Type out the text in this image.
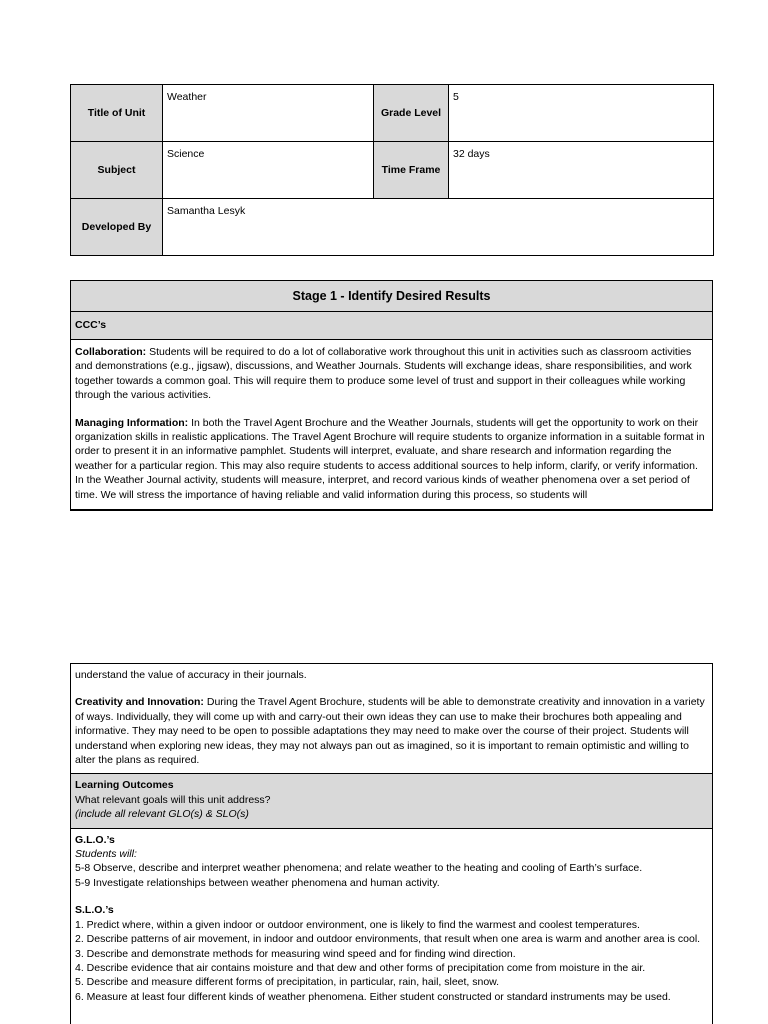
Title of Unit	Weather	Grade Level	5
Subject	Science	Time Frame	32 days
Developed By	Samantha Lesyk		
Stage 1 - Identify Desired Results
CCC’s

Collaboration: Students will be required to do a lot of collaborative work throughout this unit in activities such as classroom activities and demonstrations (e.g., jigsaw), discussions, and Weather Journals. Students will exchange ideas, share responsibilities, and work together towards a common goal. This will require them to produce some level of trust and support in their colleagues while working through the various activities.

Managing Information: In both the Travel Agent Brochure and the Weather Journals, students will get the opportunity to work on their organization skills in realistic applications. The Travel Agent Brochure will require students to organize information in a suitable format in order to present it in an informative pamphlet. Students will interpret, evaluate, and share research and information regarding the weather for a particular region. This may also require students to access additional sources to help inform, clarify, or verify information. In the Weather Journal activity, students will measure, interpret, and record various kinds of weather phenomena over a set period of time. We will stress the importance of having reliable and valid information during this process, so students will

understand the value of accuracy in their journals.

Creativity and Innovation: During the Travel Agent Brochure, students will be able to demonstrate creativity and innovation in a variety of ways. Individually, they will come up with and carry-out their own ideas they can use to make their brochures both appealing and informative. They may need to be open to possible adaptations they may need to make over the course of their project. Students will understand when exploring new ideas, they may not always pan out as imagined, so it is important to remain optimistic and willing to alter the plans as required.

Learning Outcomes
What relevant goals will this unit address?
(include all relevant GLO(s) & SLO(s)
G.L.O.’s
Students will:
5-8 Observe, describe and interpret weather phenomena; and relate weather to the heating and cooling of Earth’s surface.
5-9 Investigate relationships between weather phenomena and human activity.
S.L.O.’s
1. Predict where, within a given indoor or outdoor environment, one is likely to find the warmest and coolest temperatures.
2. Describe patterns of air movement, in indoor and outdoor environments, that result when one area is warm and another area is cool.
3. Describe and demonstrate methods for measuring wind speed and for finding wind direction.
4. Describe evidence that air contains moisture and that dew and other forms of precipitation come from moisture in the air.
5. Describe and measure different forms of precipitation, in particular, rain, hail, sleet, snow.
6. Measure at least four different kinds of weather phenomena. Either student constructed or standard instruments may be used.
